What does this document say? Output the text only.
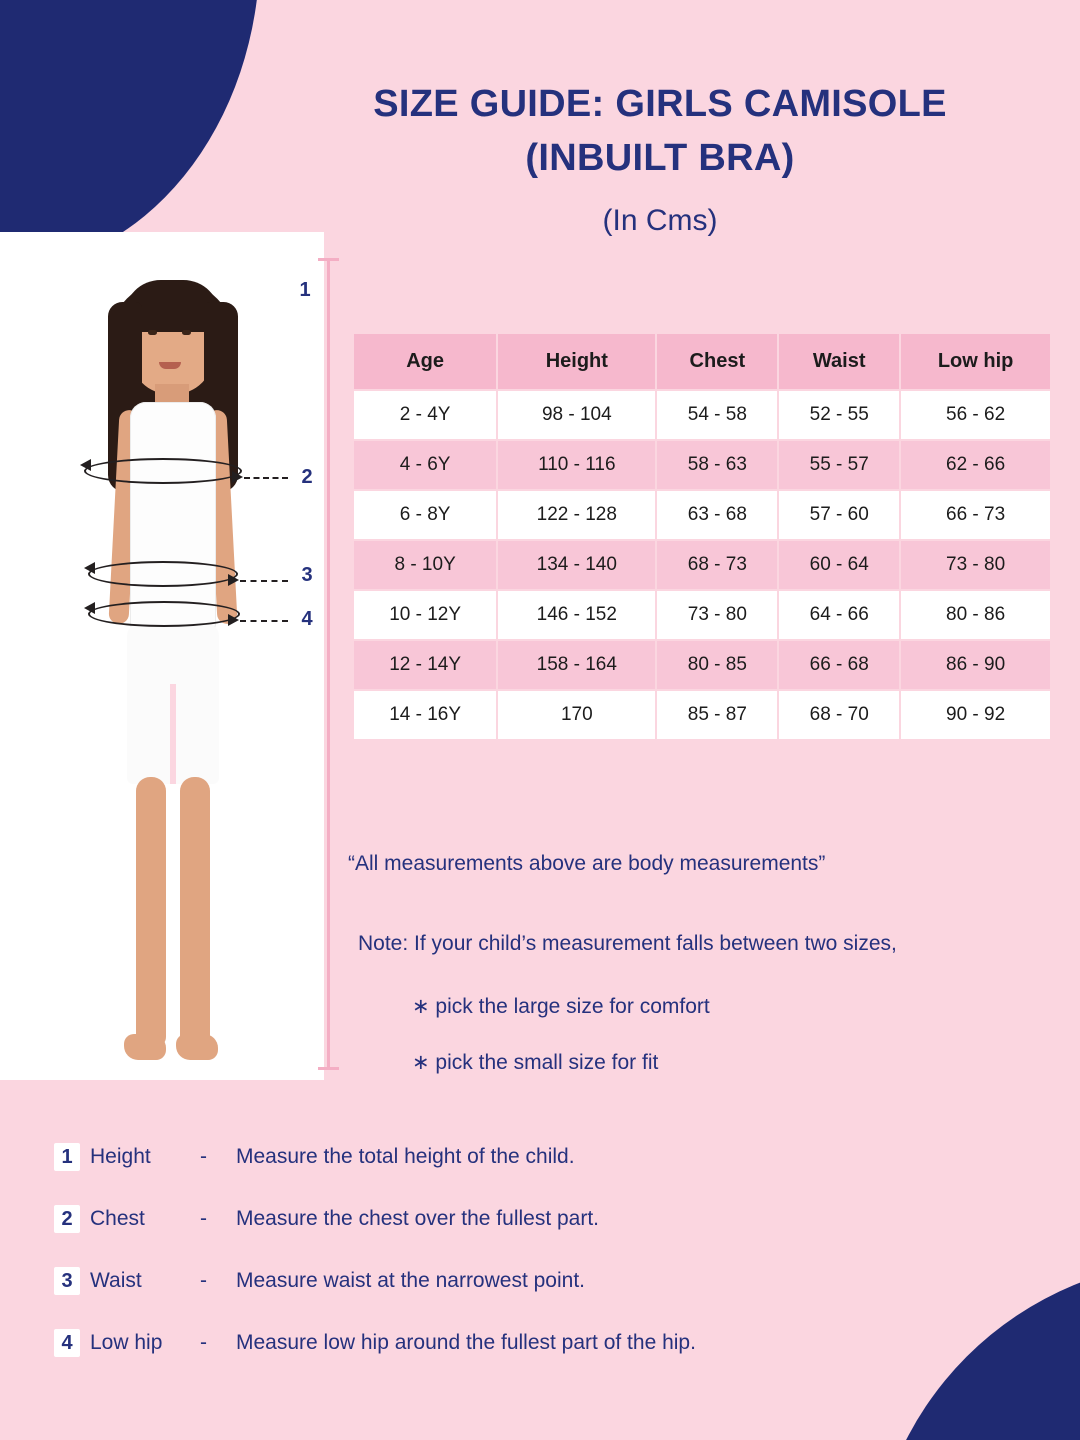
SIZE GUIDE: GIRLS CAMISOLE
(INBUILT BRA)
(In Cms)
1
2
3
4
Age	Height	Chest	Waist	Low hip
2 - 4Y	98 - 104	54 - 58	52 - 55	56 - 62
4 - 6Y	110 - 116	58 - 63	55 - 57	62 - 66
6 - 8Y	122 - 128	63 - 68	57 - 60	66 - 73
8 - 10Y	134 - 140	68 - 73	60 - 64	73 - 80
10 - 12Y	146 - 152	73 - 80	64 - 66	80 - 86
12 - 14Y	158 - 164	80 - 85	66 - 68	86 - 90
14 - 16Y	170	85 - 87	68 - 70	90 - 92
“All measurements above are body measurements”
Note: If your child’s measurement falls between two sizes,
∗ pick the large size for comfort
∗ pick the small size for fit
1 Height	-	Measure the total height of the child.
2 Chest	-	Measure the chest over the fullest part.
3 Waist	-	Measure waist at the narrowest point.
4 Low hip	-	Measure low hip around the fullest part of the hip.
